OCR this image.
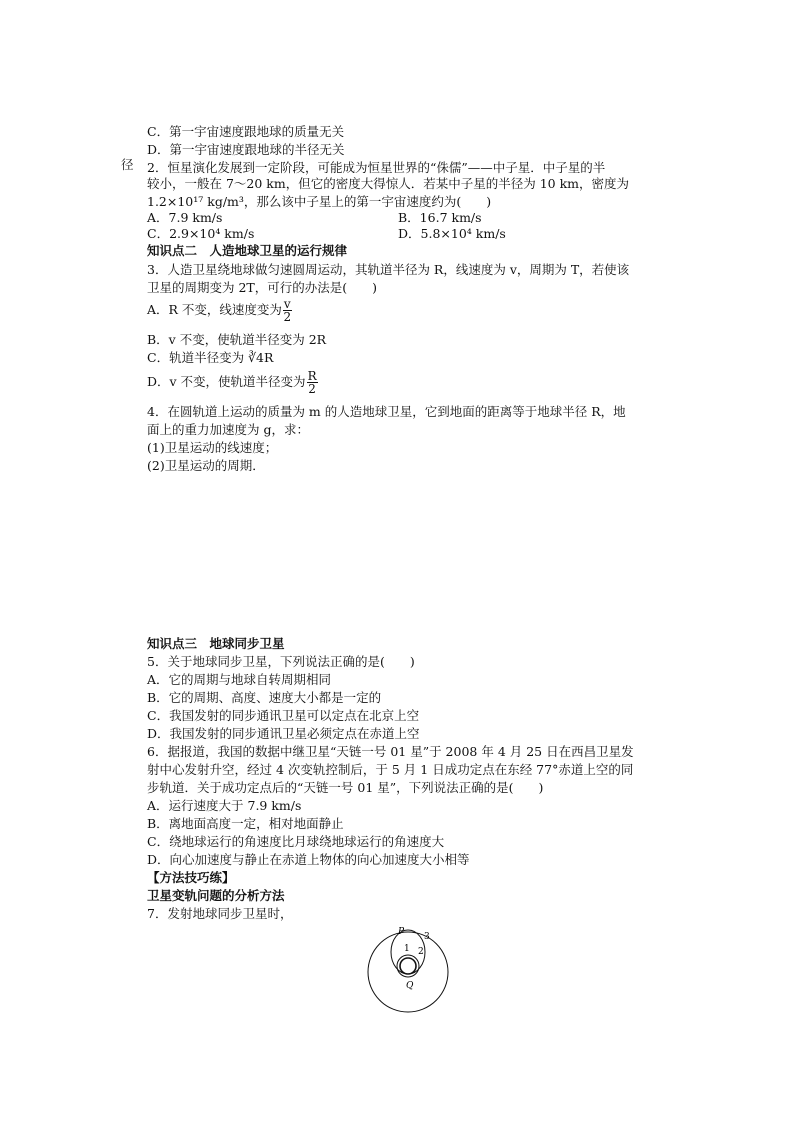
C．第一宇宙速度跟地球的质量无关
D．第一宇宙速度跟地球的半径无关
2．恒星演化发展到一定阶段，可能成为恒星世界的“侏儒”——中子星．中子星的半
径
较小，一般在 7～20 km，但它的密度大得惊人．若某中子星的半径为 10 km，密度为
1.2×10¹⁷ kg/m³，那么该中子星上的第一宇宙速度约为(　　)
A．7.9 km/s	B．16.7 km/s
C．2.9×10⁴ km/s	D．5.8×10⁴ km/s
知识点二　人造地球卫星的运行规律
3．人造卫星绕地球做匀速圆周运动，其轨道半径为 R，线速度为 v，周期为 T，若使该
卫星的周期变为 2T，可行的办法是(　　)
A．R 不变，线速度变为 $\frac{v}{2}$
B．v 不变，使轨道半径变为 2R
C．轨道半径变为 ∛4R
D．v 不变，使轨道半径变为 $\frac{R}{2}$
4．在圆轨道上运动的质量为 m 的人造地球卫星，它到地面的距离等于地球半径 R，地
面上的重力加速度为 g，求：
(1)卫星运动的线速度；
(2)卫星运动的周期．
知识点三　地球同步卫星
5．关于地球同步卫星，下列说法正确的是(　　)
A．它的周期与地球自转周期相同
B．它的周期、高度、速度大小都是一定的
C．我国发射的同步通讯卫星可以定点在北京上空
D．我国发射的同步通讯卫星必须定点在赤道上空
6．据报道，我国的数据中继卫星“天链一号 01 星”于 2008 年 4 月 25 日在西昌卫星发
射中心发射升空，经过 4 次变轨控制后，于 5 月 1 日成功定点在东经 77°赤道上空的同
步轨道．关于成功定点后的“天链一号 01 星”，下列说法正确的是(　　)
A．运行速度大于 7.9 km/s
B．离地面高度一定，相对地面静止
C．绕地球运行的角速度比月球绕地球运行的角速度大
D．向心加速度与静止在赤道上物体的向心加速度大小相等
【方法技巧练】
卫星变轨问题的分析方法
7．发射地球同步卫星时，
P
Q
1 2
3
